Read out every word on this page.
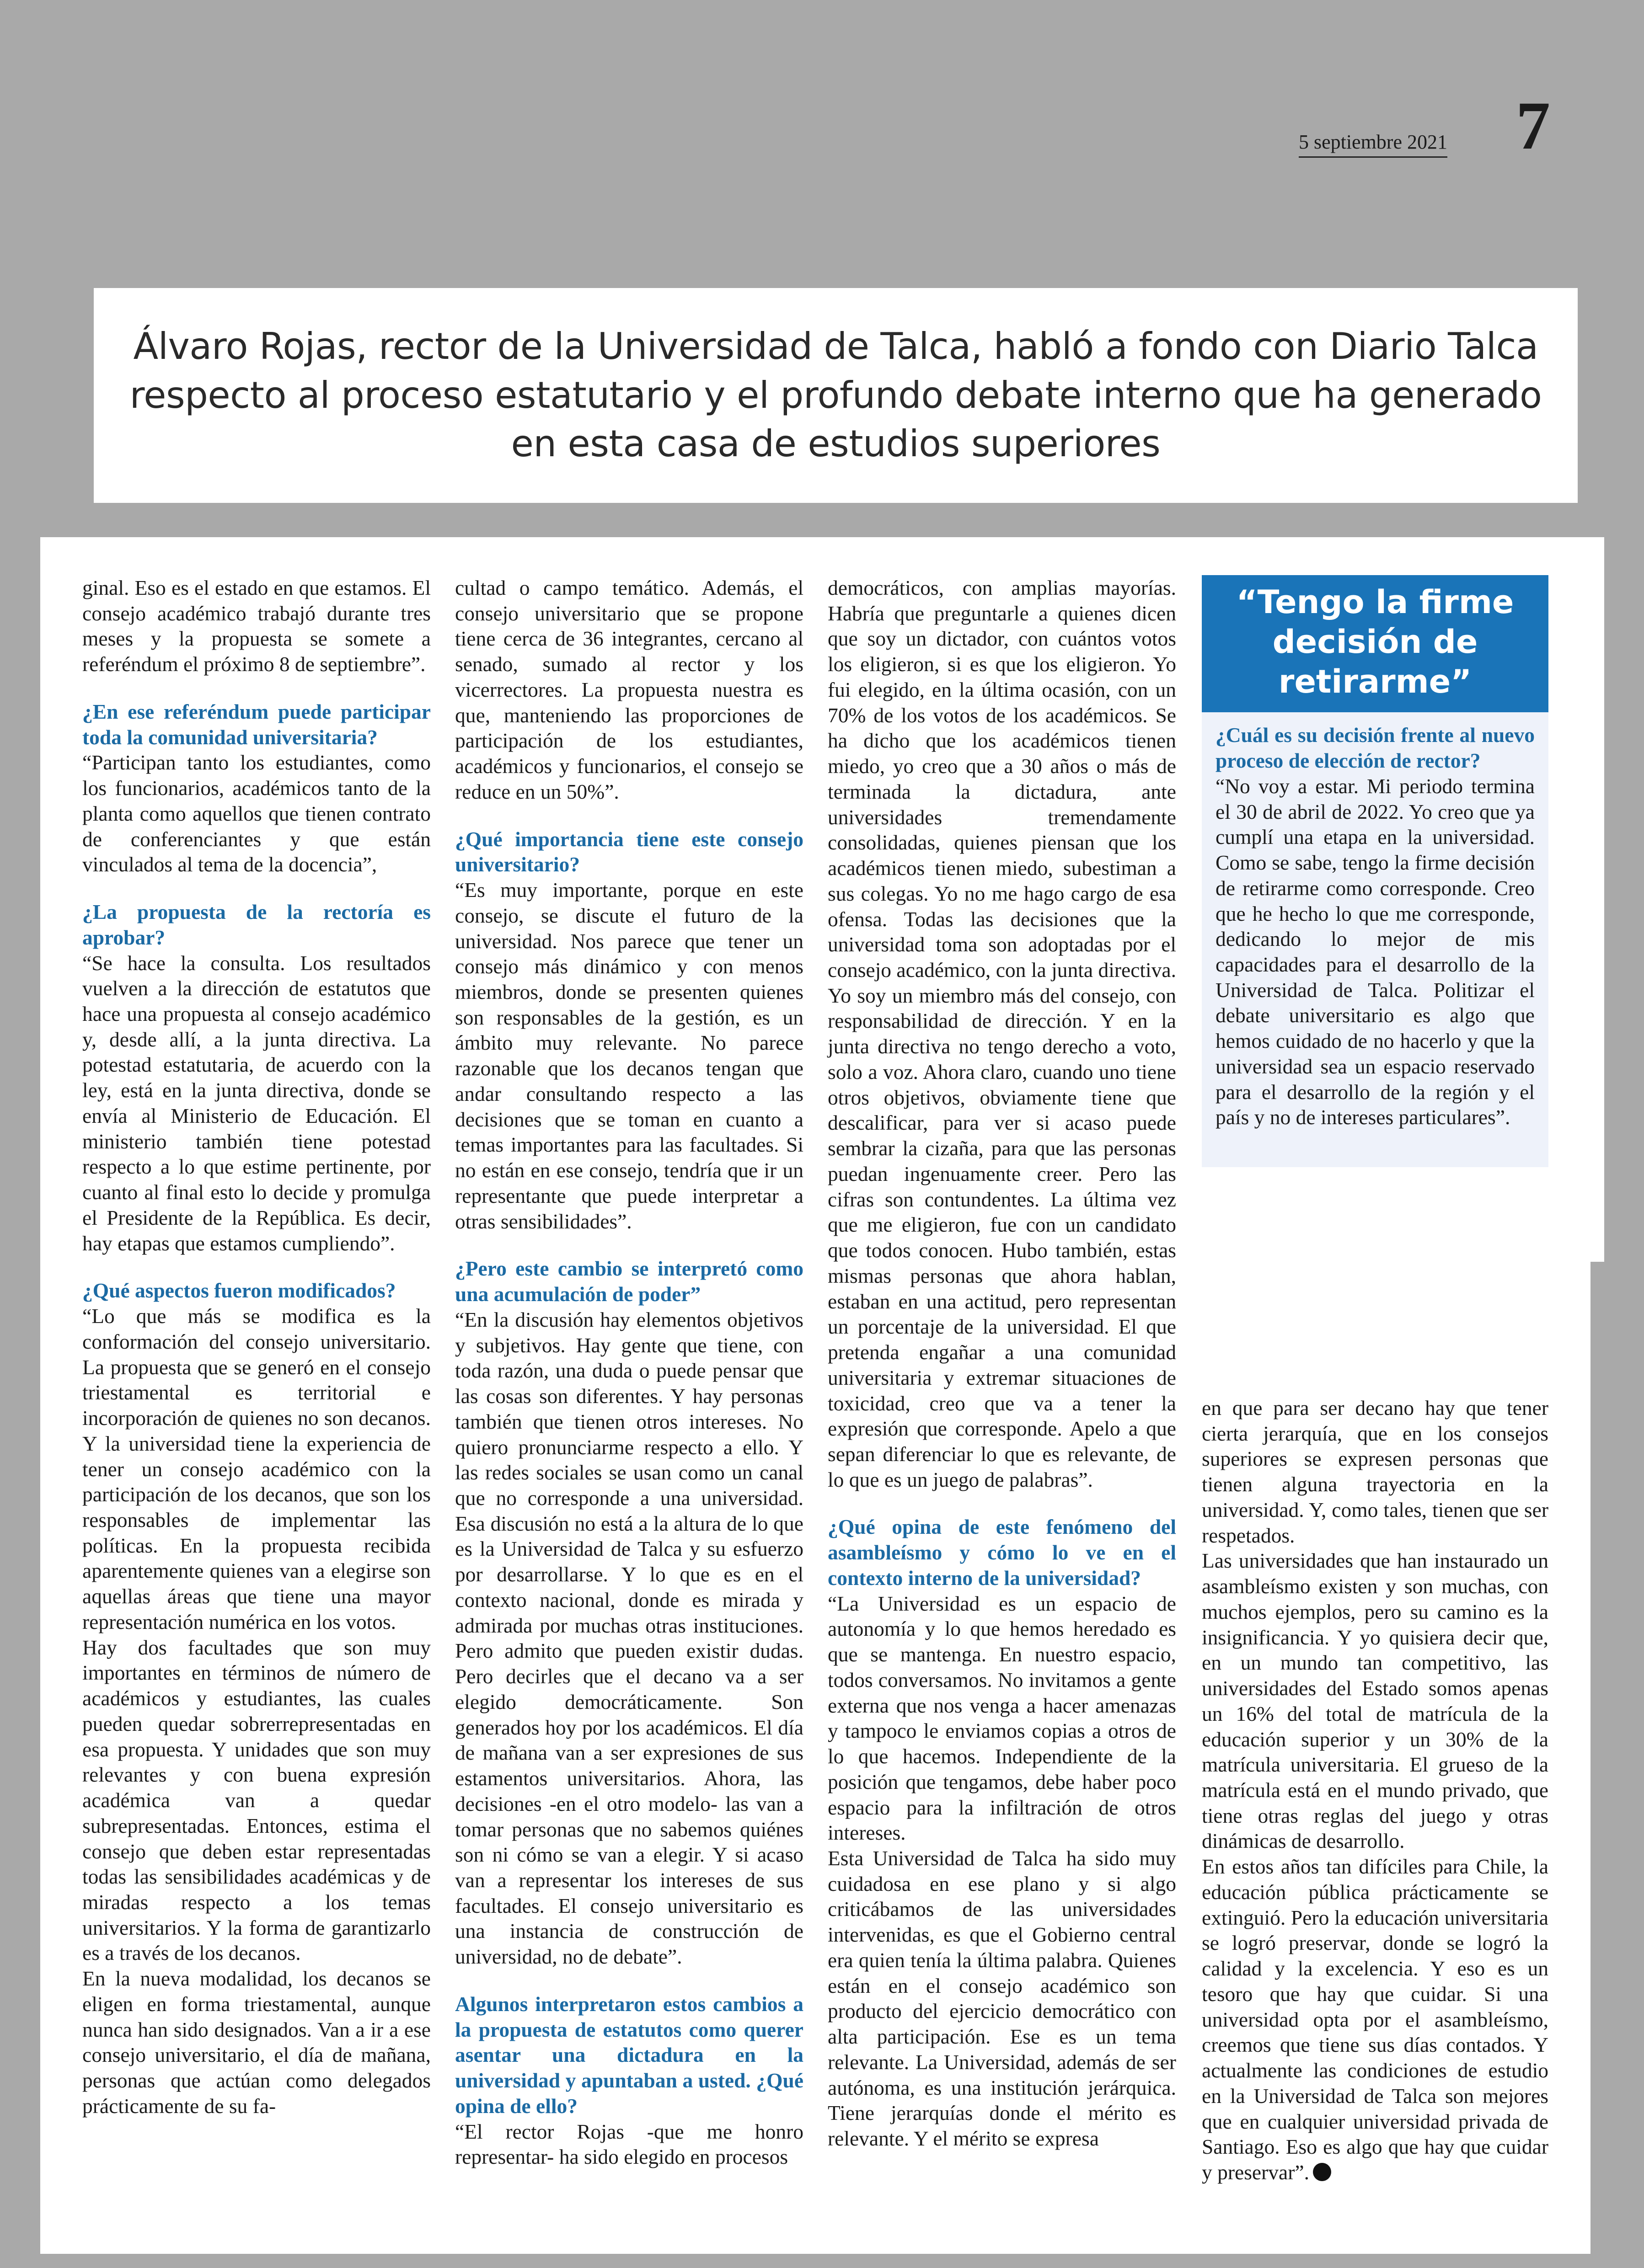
5 septiembre 2021 7
Álvaro Rojas, rector de la Universidad de Talca, habló a fondo con Diario Talca respecto al proceso estatutario y el profundo debate interno que ha generado en esta casa de estudios superiores

ginal. Eso es el estado en que estamos. El consejo académico trabajó durante tres meses y la propuesta se somete a referéndum el próximo 8 de septiembre”.

¿En ese referéndum puede participar toda la comunidad universitaria?

“Participan tanto los estudiantes, como los funcionarios, académicos tanto de la planta como aquellos que tienen contrato de conferenciantes y que están vinculados al tema de la docencia”,

¿La propuesta de la rectoría es aprobar?

“Se hace la consulta. Los resultados vuelven a la dirección de estatutos que hace una propuesta al consejo académico y, desde allí, a la junta directiva. La potestad estatutaria, de acuerdo con la ley, está en la junta directiva, donde se envía al Ministerio de Educación. El ministerio también tiene potestad respecto a lo que estime pertinente, por cuanto al final esto lo decide y promulga el Presidente de la República. Es decir, hay etapas que estamos cumpliendo”.

¿Qué aspectos fueron modificados?

“Lo que más se modifica es la conformación del consejo universitario. La propuesta que se generó en el consejo triestamental es territorial e incorporación de quienes no son decanos. Y la universidad tiene la experiencia de tener un consejo académico con la participación de los decanos, que son los responsables de implementar las políticas. En la propuesta recibida aparentemente quienes van a elegirse son aquellas áreas que tiene una mayor representación numérica en los votos.

Hay dos facultades que son muy importantes en términos de número de académicos y estudiantes, las cuales pueden quedar sobrerrepresentadas en esa propuesta. Y unidades que son muy relevantes y con buena expresión académica van a quedar subrepresentadas. Entonces, estima el consejo que deben estar representadas todas las sensibilidades académicas y de miradas respecto a los temas universitarios. Y la forma de garantizarlo es a través de los decanos.

En la nueva modalidad, los decanos se eligen en forma triestamental, aunque nunca han sido designados. Van a ir a ese consejo universitario, el día de mañana, personas que actúan como delegados prácticamente de su fa-

cultad o campo temático. Además, el consejo universitario que se propone tiene cerca de 36 integrantes, cercano al senado, sumado al rector y los vicerrectores. La propuesta nuestra es que, manteniendo las proporciones de participación de los estudiantes, académicos y funcionarios, el consejo se reduce en un 50%”.

¿Qué importancia tiene este consejo universitario?

“Es muy importante, porque en este consejo, se discute el futuro de la universidad. Nos parece que tener un consejo más dinámico y con menos miembros, donde se presenten quienes son responsables de la gestión, es un ámbito muy relevante. No parece razonable que los decanos tengan que andar consultando respecto a las decisiones que se toman en cuanto a temas importantes para las facultades. Si no están en ese consejo, tendría que ir un representante que puede interpretar a otras sensibilidades”.

¿Pero este cambio se interpretó como una acumulación de poder”

“En la discusión hay elementos objetivos y subjetivos. Hay gente que tiene, con toda razón, una duda o puede pensar que las cosas son diferentes. Y hay personas también que tienen otros intereses. No quiero pronunciarme respecto a ello. Y las redes sociales se usan como un canal que no corresponde a una universidad. Esa discusión no está a la altura de lo que es la Universidad de Talca y su esfuerzo por desarrollarse. Y lo que es en el contexto nacional, donde es mirada y admirada por muchas otras instituciones. Pero admito que pueden existir dudas. Pero decirles que el decano va a ser elegido democráticamente. Son generados hoy por los académicos. El día de mañana van a ser expresiones de sus estamentos universitarios. Ahora, las decisiones -en el otro modelo- las van a tomar personas que no sabemos quiénes son ni cómo se van a elegir. Y si acaso van a representar los intereses de sus facultades. El consejo universitario es una instancia de construcción de universidad, no de debate”.

Algunos interpretaron estos cambios a la propuesta de estatutos como querer asentar una dictadura en la universidad y apuntaban a usted. ¿Qué opina de ello?

“El rector Rojas -que me honro representar- ha sido elegido en procesos

democráticos, con amplias mayorías. Habría que preguntarle a quienes dicen que soy un dictador, con cuántos votos los eligieron, si es que los eligieron. Yo fui elegido, en la última ocasión, con un 70% de los votos de los académicos. Se ha dicho que los académicos tienen miedo, yo creo que a 30 años o más de terminada la dictadura, ante universidades tremendamente consolidadas, quienes piensan que los académicos tienen miedo, subestiman a sus colegas. Yo no me hago cargo de esa ofensa. Todas las decisiones que la universidad toma son adoptadas por el consejo académico, con la junta directiva. Yo soy un miembro más del consejo, con responsabilidad de dirección. Y en la junta directiva no tengo derecho a voto, solo a voz. Ahora claro, cuando uno tiene otros objetivos, obviamente tiene que descalificar, para ver si acaso puede sembrar la cizaña, para que las personas puedan ingenuamente creer. Pero las cifras son contundentes. La última vez que me eligieron, fue con un candidato que todos conocen. Hubo también, estas mismas personas que ahora hablan, estaban en una actitud, pero representan un porcentaje de la universidad. El que pretenda engañar a una comunidad universitaria y extremar situaciones de toxicidad, creo que va a tener la expresión que corresponde. Apelo a que sepan diferenciar lo que es relevante, de lo que es un juego de palabras”.

¿Qué opina de este fenómeno del asambleísmo y cómo lo ve en el contexto interno de la universidad?

“La Universidad es un espacio de autonomía y lo que hemos heredado es que se mantenga. En nuestro espacio, todos conversamos. No invitamos a gente externa que nos venga a hacer amenazas y tampoco le enviamos copias a otros de lo que hacemos. Independiente de la posición que tengamos, debe haber poco espacio para la infiltración de otros intereses.

Esta Universidad de Talca ha sido muy cuidadosa en ese plano y si algo criticábamos de las universidades intervenidas, es que el Gobierno central era quien tenía la última palabra. Quienes están en el consejo académico son producto del ejercicio democrático con alta participación. Ese es un tema relevante. La Universidad, además de ser autónoma, es una institución jerárquica. Tiene jerarquías donde el mérito es relevante. Y el mérito se expresa

“Tengo la firme decisión de retirarme”

¿Cuál es su decisión frente al nuevo proceso de elección de rector?

“No voy a estar. Mi periodo termina el 30 de abril de 2022. Yo creo que ya cumplí una etapa en la universidad. Como se sabe, tengo la firme decisión de retirarme como corresponde. Creo que he hecho lo que me corresponde, dedicando lo mejor de mis capacidades para el desarrollo de la Universidad de Talca. Politizar el debate universitario es algo que hemos cuidado de no hacerlo y que la universidad sea un espacio reservado para el desarrollo de la región y el país y no de intereses particulares”.

en que para ser decano hay que tener cierta jerarquía, que en los consejos superiores se expresen personas que tienen alguna trayectoria en la universidad. Y, como tales, tienen que ser respetados.

Las universidades que han instaurado un asambleísmo existen y son muchas, con muchos ejemplos, pero su camino es la insignificancia. Y yo quisiera decir que, en un mundo tan competitivo, las universidades del Estado somos apenas un 16% del total de matrícula de la educación superior y un 30% de la matrícula universitaria. El grueso de la matrícula está en el mundo privado, que tiene otras reglas del juego y otras dinámicas de desarrollo.

En estos años tan difíciles para Chile, la educación pública prácticamente se extinguió. Pero la educación universitaria se logró preservar, donde se logró la calidad y la excelencia. Y eso es un tesoro que hay que cuidar. Si una universidad opta por el asambleísmo, creemos que tiene sus días contados. Y actualmente las condiciones de estudio en la Universidad de Talca son mejores que en cualquier universidad privada de Santiago. Eso es algo que hay que cuidar y preservar”.
